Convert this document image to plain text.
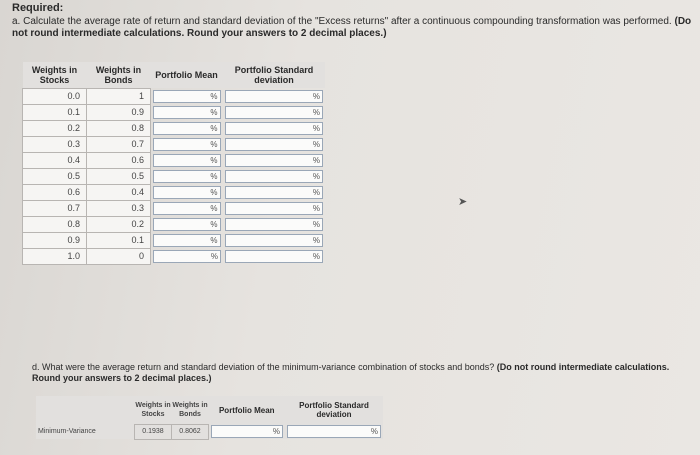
Required:
a. Calculate the average rate of return and standard deviation of the "Excess returns" after a continuous compounding transformation was performed. (Do not round intermediate calculations. Round your answers to 2 decimal places.)
Weights in Stocks	Weights in Bonds	Portfolio Mean	Portfolio Standard deviation
0.0	1	%	%

0.1	0.9	%	%

0.2	0.8	%	%

0.3	0.7	%	%

0.4	0.6	%	%

0.5	0.5	%	%

0.6	0.4	%	%

0.7	0.3	%	%

0.8	0.2	%	%

0.9	0.1	%	%

1.0	0	%	%
➤
d. What were the average return and standard deviation of the minimum-variance combination of stocks and bonds? (Do not round intermediate calculations. Round your answers to 2 decimal places.)
	Weights in Stocks	Weights in Bonds	Portfolio Mean	Portfolio Standard deviation
Minimum-Variance	0.1938	0.8062	%	%
